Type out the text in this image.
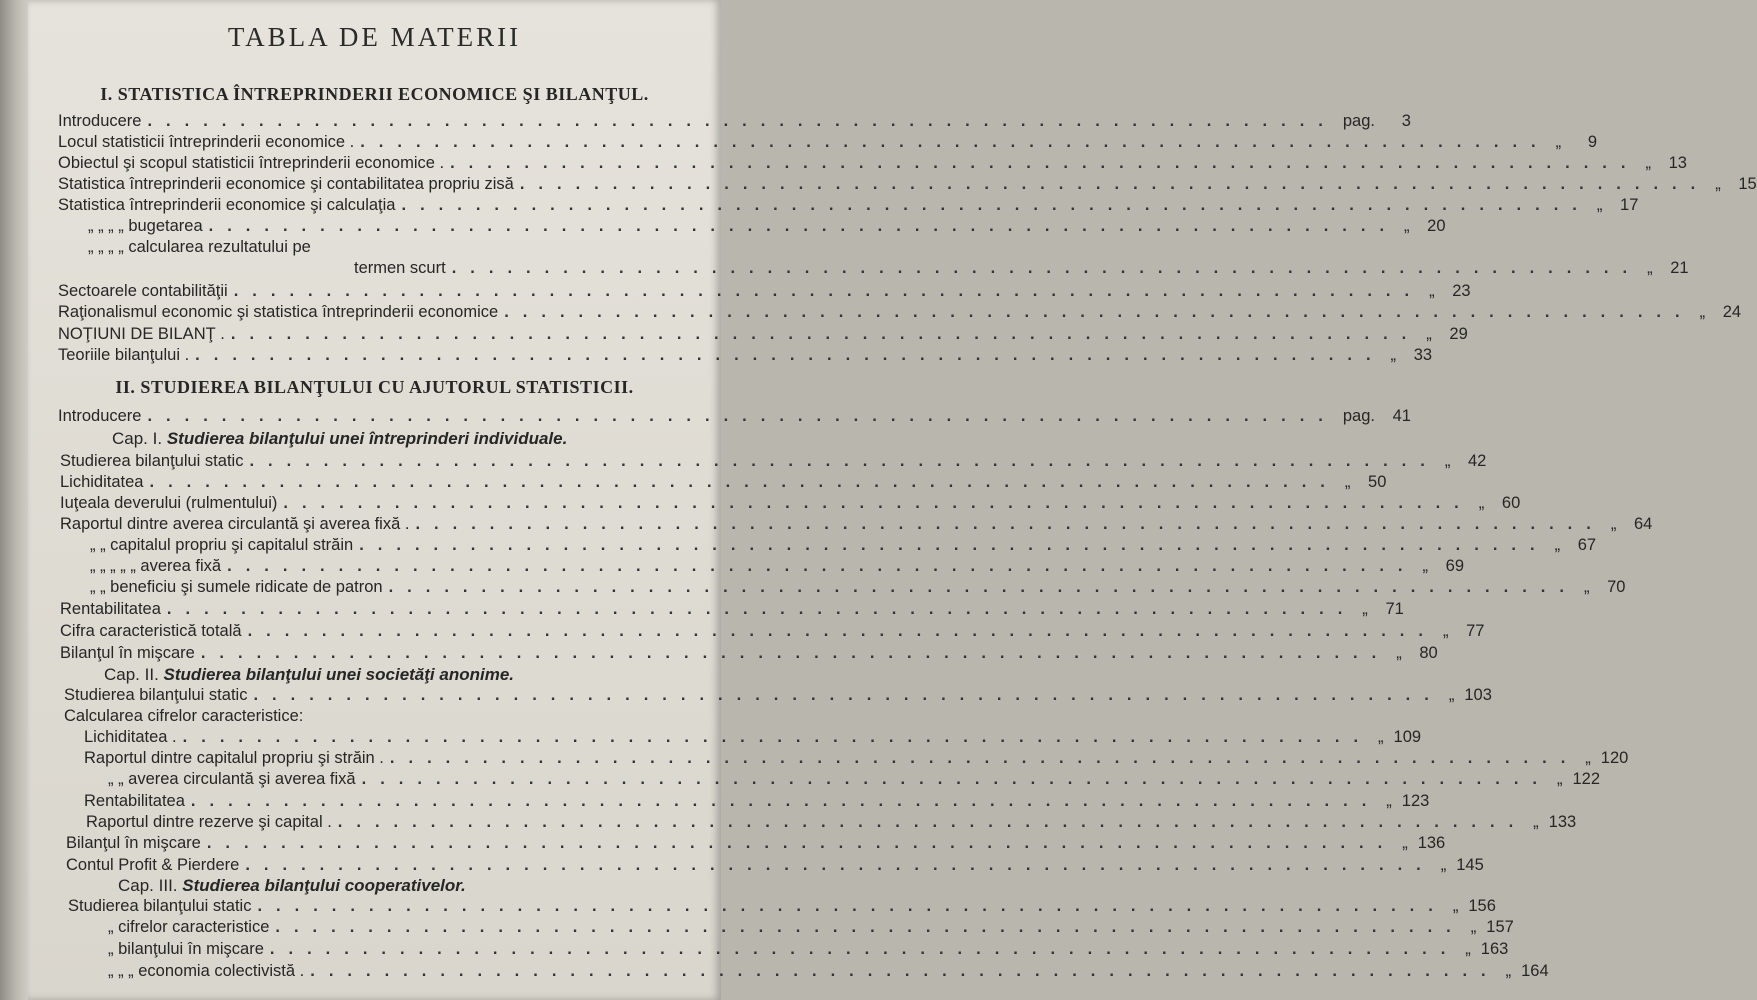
TABLA DE MATERII
I. STATISTICA ÎNTREPRINDERII ECONOMICE ŞI BILANŢUL.
Introducere ................................................................ pag.	3
Locul statisticii întreprinderii economice . ................................................................ „	9
Obiectul şi scopul statisticii întreprinderii economice . ................................................................ „	13
Statistica întreprinderii economice şi contabilitatea propriu zisă ................................................................ „	15
Statistica întreprinderii economice şi calculaţia ................................................................ „	17
„ „ „ „ bugetarea ................................................................ „	20
„ „ „ „ calcularea rezultatului pe
termen scurt ................................................................ „	21
Sectoarele contabilităţii ................................................................ „	23
Raţionalismul economic şi statistica întreprinderii economice ................................................................ „	24
NOŢIUNI DE BILANŢ . ................................................................ „	29
Teoriile bilanţului . ................................................................ „	33
II. STUDIEREA BILANŢULUI CU AJUTORUL STATISTICII.
Introducere ................................................................ pag.	41
Cap. I. Studierea bilanţului unei întreprinderi individuale.
Studierea bilanţului static ................................................................ „	42
Lichiditatea ................................................................ „	50
Iuţeala deverului (rulmentului) ................................................................ „	60
Raportul dintre averea circulantă şi averea fixă . ................................................................ „	64
„ „ capitalul propriu şi capitalul străin ................................................................ „	67
„ „ „ „ „ averea fixă ................................................................ „	69
„ „ beneficiu şi sumele ridicate de patron ................................................................ „	70
Rentabilitatea ................................................................ „	71
Cifra caracteristică totală ................................................................ „	77
Bilanţul în mişcare ................................................................ „	80
Cap. II. Studierea bilanţului unei societăţi anonime.
Studierea bilanţului static ................................................................ „ 103
Calcularea cifrelor caracteristice:
Lichiditatea . ................................................................ „ 109
Raportul dintre capitalul propriu şi străin . ................................................................ „ 120
„ „ averea circulantă şi averea fixă ................................................................ „ 122
Rentabilitatea ................................................................ „ 123
Raportul dintre rezerve şi capital . ................................................................ „ 133
Bilanţul în mişcare ................................................................ „ 136
Contul Profit & Pierdere ................................................................ „ 145
Cap. III. Studierea bilanţului cooperativelor.
Studierea bilanţului static ................................................................ „ 156
„ cifrelor caracteristice ................................................................ „ 157
„ bilanţului în mişcare ................................................................ „ 163
„ „ „ economia colectivistă . ................................................................ „ 164
